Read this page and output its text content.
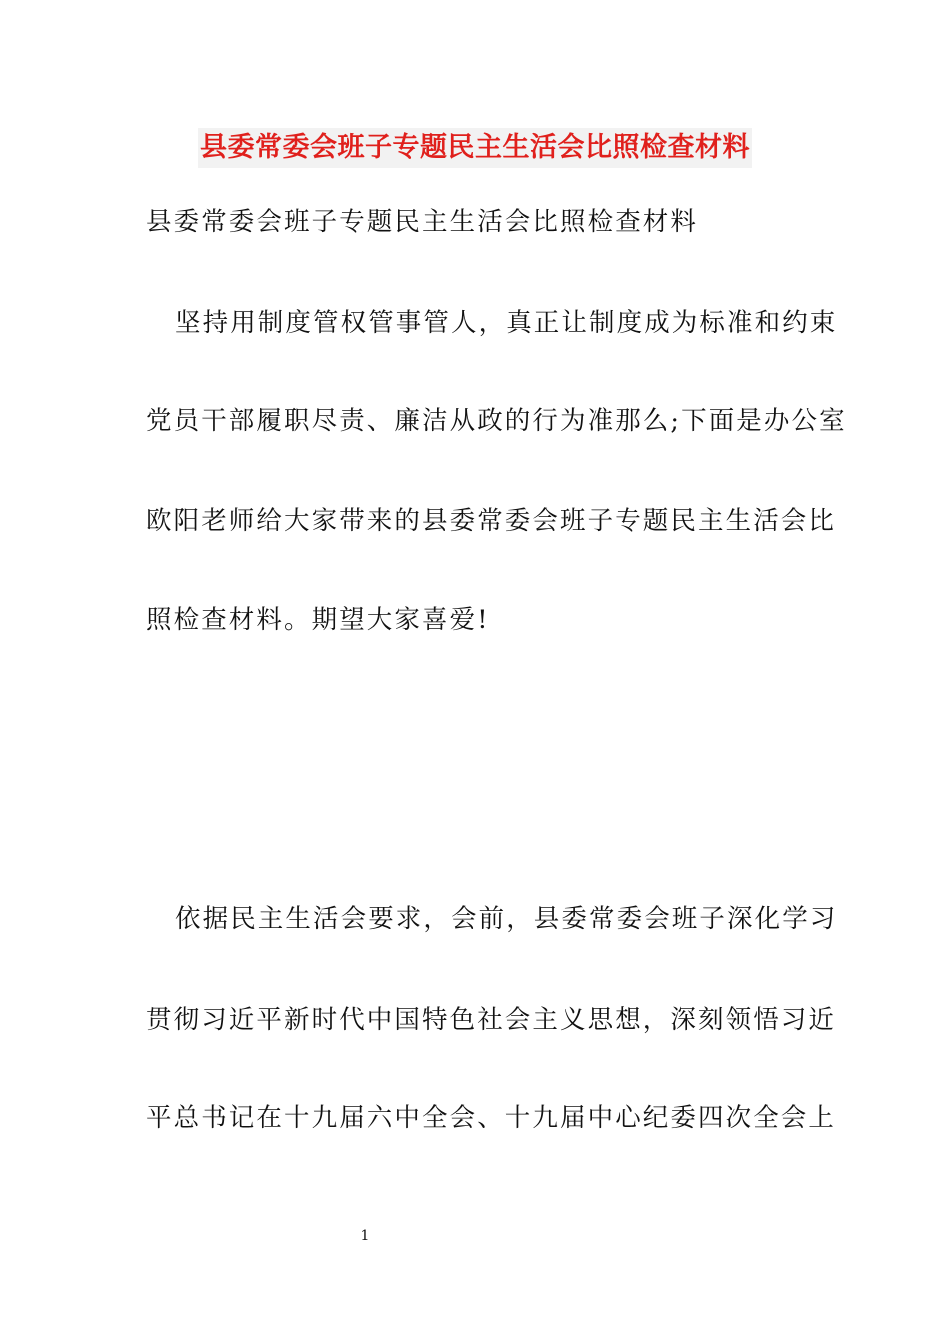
县委常委会班子专题民主生活会比照检查材料
县委常委会班子专题民主生活会比照检查材料
坚持用制度管权管事管人，真正让制度成为标准和约束
党员干部履职尽责、廉洁从政的行为准那么;下面是办公室
欧阳老师给大家带来的县委常委会班子专题民主生活会比
照检查材料。期望大家喜爱!
依据民主生活会要求，会前，县委常委会班子深化学习
贯彻习近平新时代中国特色社会主义思想，深刻领悟习近
平总书记在十九届六中全会、十九届中心纪委四次全会上
1
